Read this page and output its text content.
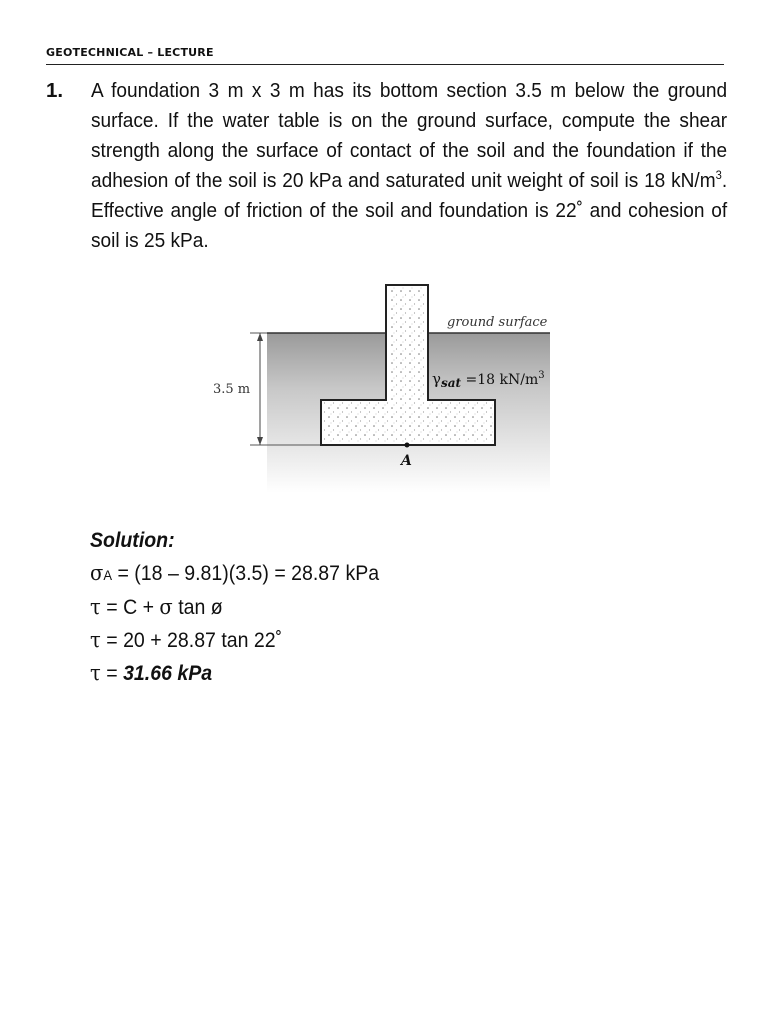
GEOTECHNICAL – LECTURE
1. A foundation 3 m x 3 m has its bottom section 3.5 m below the ground surface. If the water table is on the ground surface, compute the shear strength along the surface of contact of the soil and the foundation if the adhesion of the soil is 20 kPa and saturated unit weight of soil is 18 $kN/m^3$. Effective angle of friction of the soil and foundation is 22˚ and cohesion of soil is 25 kPa.
3.5 m
ground surface
$\gamma_{sat} =18$ $kN/m^3$
A
Solution:
σA = (18 – 9.81)(3.5) = 28.87 kPa
τ = C + σ tan ø
τ = 20 + 28.87 tan 22˚
τ = 31.66 kPa
